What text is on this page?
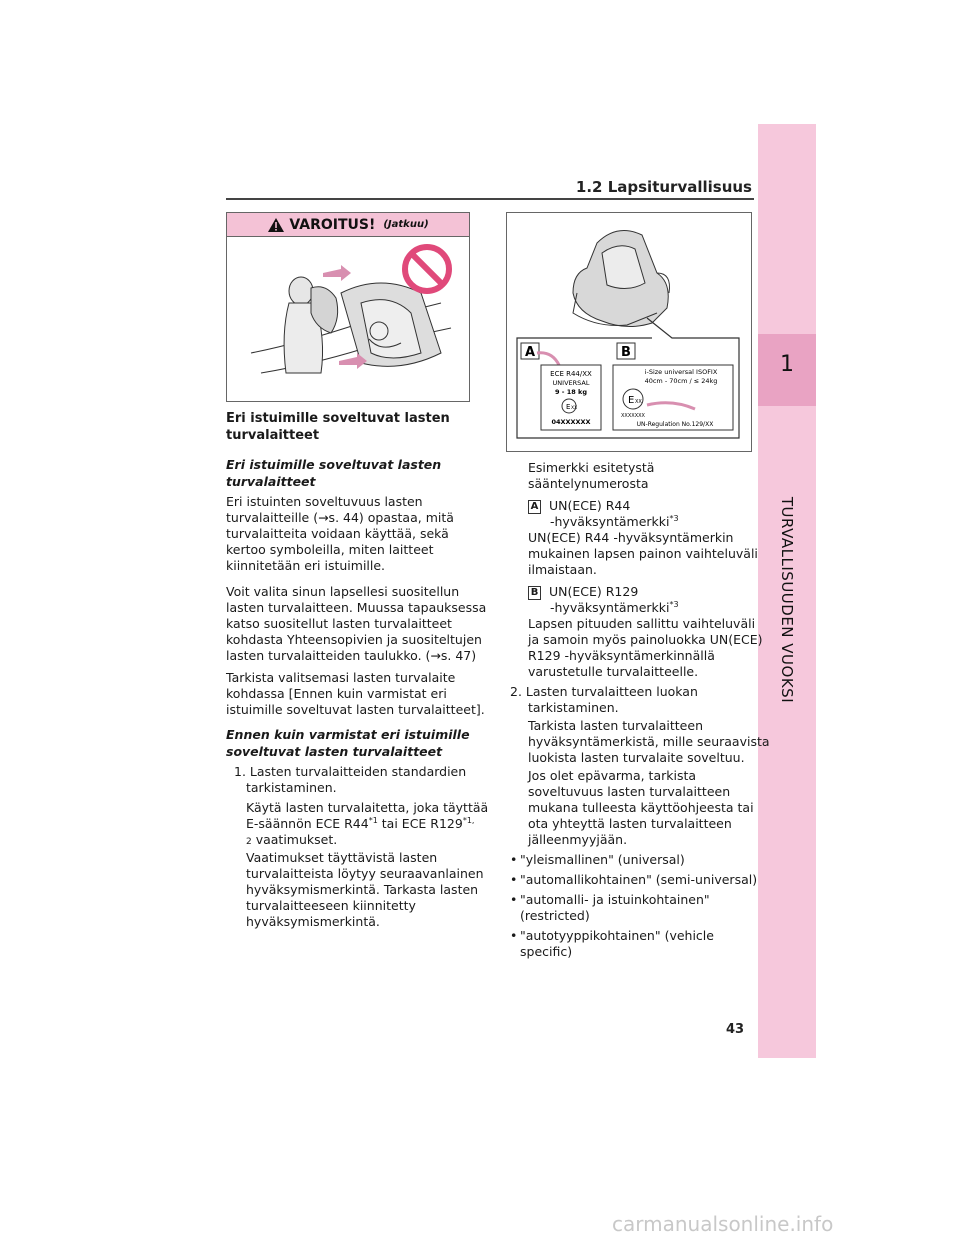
1
TURVALLISUUDEN VUOKSI
1.2 Lapsiturvallisuus
VAROITUS! (Jatkuu)
Eri istuimille soveltuvat lasten
turvalaitteet
Eri istuimille soveltuvat lasten
turvalaitteet
Eri istuinten soveltuvuus lasten
turvalaitteille (→s. 44) opastaa, mitä
turvalaitteita voidaan käyttää, sekä
kertoo symboleilla, miten laitteet
kiinnitetään eri istuimille.
Voit valita sinun lapsellesi suositellun
lasten turvalaitteen. Muussa tapauksessa
katso suositellut lasten turvalaitteet
kohdasta Yhteensopivien ja suositeltujen
lasten turvalaitteiden taulukko. (→s. 47)
Tarkista valitsemasi lasten turvalaite
kohdassa [Ennen kuin varmistat eri
istuimille soveltuvat lasten turvalaitteet].
Ennen kuin varmistat eri istuimille
soveltuvat lasten turvalaitteet
1. Lasten turvalaitteiden standardien
tarkistaminen.
Käytä lasten turvalaitetta, joka täyttää
E-säännön ECE R44$^{*1}$ tai ECE $R129^{*1,}$
2 vaatimukset.
Vaatimukset täyttävistä lasten
turvalaitteista löytyy seuraavanlainen
hyväksymismerkintä. Tarkasta lasten
turvalaitteeseen kiinnitetty
hyväksymismerkintä.
A	B
ECE R44/XX
UNIVERSAL
9 - 18 kg
E XX
04XXXXXX
i-Size universal ISOFIX
40cm - 70cm / ≤ 24kg
E XX
XXXXXXX
UN-Regulation No.129/XX
Esimerkki esitetystä
sääntelynumerosta
A UN(ECE) R44
-hyväksyntämerkki$^{*3}$
UN(ECE) R44 -hyväksyntämerkin
mukainen lapsen painon vaihteluväli
ilmaistaan.
B UN(ECE) R129
-hyväksyntämerkki$^{*3}$
Lapsen pituuden sallittu vaihteluväli
ja samoin myös painoluokka UN(ECE)
R129 -hyväksyntämerkinnällä
varustetulle turvalaitteelle.
2. Lasten turvalaitteen luokan
tarkistaminen.
Tarkista lasten turvalaitteen
hyväksyntämerkistä, mille seuraavista
luokista lasten turvalaite soveltuu.
Jos olet epävarma, tarkista
soveltuvuus lasten turvalaitteen
mukana tulleesta käyttöohjeesta tai
ota yhteyttä lasten turvalaitteen
jälleenmyyjään.
• "yleismallinen" (universal)
• "automallikohtainen" (semi-universal)
• "automalli- ja istuinkohtainen"
(restricted)
• "autotyyppikohtainen" (vehicle
specific)
43
carmanualsonline.info
